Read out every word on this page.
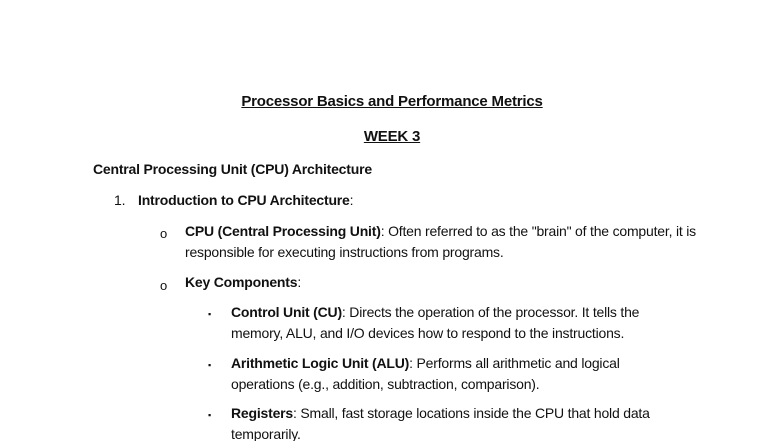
Processor Basics and Performance Metrics
WEEK 3
Central Processing Unit (CPU) Architecture
1. Introduction to CPU Architecture:
o CPU (Central Processing Unit): Often referred to as the "brain" of the computer, it is responsible for executing instructions from programs.
o Key Components:
▪ Control Unit (CU): Directs the operation of the processor. It tells the memory, ALU, and I/O devices how to respond to the instructions.
▪ Arithmetic Logic Unit (ALU): Performs all arithmetic and logical operations (e.g., addition, subtraction, comparison).
▪ Registers: Small, fast storage locations inside the CPU that hold data temporarily.
